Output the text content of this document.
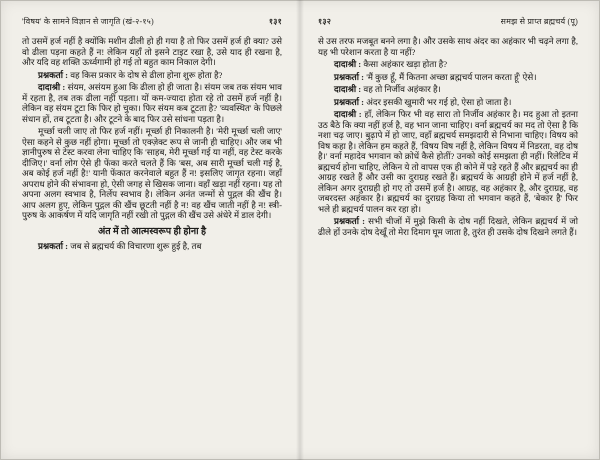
'विषय' के सामने विज्ञान से जागृति (खं-२-१५)	१३१

तो उसमें हर्ज नहीं है क्योंकि मशीन ढीली हो ही गया है तो फिर उसमें हर्ज ही क्या? उसे वो ढीला पड़ना कहते हैं न! लेकिन यहाँ तो इसने टाइट रखा है, उसे याद ही रखना है, और यदि वह शक्ति ऊर्ध्वगामी हो गई तो बहुत काम निकाल देगी।

प्रश्नकर्ता : वह किस प्रकार के दोष से ढीला होना शुरू होता है?

दादाश्री : संयम, असंयम हुआ कि ढीला हो ही जाता है। संयम जब तक संयम भाव में रहता है, तब तक ढीला नहीं पड़ता। यों कम-ज्यादा होता रहे तो उसमें हर्ज नहीं है। लेकिन वह संयम टूटा कि फिर हो चुका। फिर संयम कब टूटता है? 'व्यवस्थित' के पिछले संधान हों, तब टूटता है। और टूटने के बाद फिर उसे सांधना पड़ता है।

मूर्च्छा चली जाए तो फिर हर्ज नहीं। मूर्च्छा ही निकालनी है। 'मेरी मूर्च्छा चली जाए' ऐसा कहने से कुछ नहीं होगा। मूर्च्छा तो एक्ज़ेक्ट रूप से जानी ही चाहिए। और जब भी ज्ञानीपुरुष से टेस्ट करवा लेना चाहिए कि 'साहब, मेरी मूर्च्छा गई या नहीं, वह टेस्ट करके दीजिए।' वर्ना लोग ऐसे ही फेंका करते चलते हैं कि 'बस, अब सारी मूर्च्छा चली गई है, अब कोई हर्ज नहीं है!' यानी फेंकात करनेवाले बहुत हैं न! इसलिए जागृत रहना। जहाँ अपराध होने की संभावना हो, ऐसी जगह से खिसक जाना। वहाँ खड़ा नहीं रहना। यह तो अपना अलग स्वभाव है, निर्लेप स्वभाव है। लेकिन अनंत जन्मों से पुद्गल की खैंच है। आप अलग हुए, लेकिन पुद्गल की खैंच छूटती नहीं है न! वह खैंच जाती नहीं है न! स्त्री-पुरुष के आकर्षण में यदि जागृति नहीं रखी तो पुद्गल की खैंच उसे अंधेरे में डाल देगी।

अंत में तो आत्मस्वरूप ही होना है

प्रश्नकर्ता : जब से ब्रह्मचर्य की विचारणा शुरू हुई है, तब

१३२	समझ से प्राप्त ब्रह्मचर्य (पू)

से उस तरफ मजबूत बनने लगा है। और उसके साथ अंदर का अहंकार भी चढ़ने लगा है, यह भी परेशान करता है या नहीं?

दादाश्री : कैसा अहंकार खड़ा होता है?

प्रश्नकर्ता : 'मैं कुछ हूँ, मैं कितना अच्छा ब्रह्मचर्य पालन करता हूँ' ऐसे।

दादाश्री : वह तो निर्जीव अहंकार है।

प्रश्नकर्ता : अंदर इसकी खुमारी भर गई हो, ऐसा हो जाता है।

दादाश्री : हाँ, लेकिन फिर भी वह सारा तो निर्जीव अहंकार है। मद हुआ तो इतना उठ बैठे कि क्या नहीं हर्ज है, वह भान जाना चाहिए। वर्ना ब्रह्मचर्य का मद तो ऐसा है कि नशा चढ़ जाए। बुढ़ापे में हो जाए, वहाँ ब्रह्मचर्य समझदारी से निभाना चाहिए। विषय को विष कहा है। लेकिन हम कहते हैं, 'विषय विष नहीं है, लेकिन विषय में निडरता, वह दोष है।' वर्ना महादेव भगवान को क्रोधें कैसे होतीं? उनको कोई समझता ही नहीं। रिलेटिव में ब्रह्मचर्य होना चाहिए, लेकिन ये तो वापस एक ही कोने में पड़े रहते हैं और ब्रह्मचर्य का ही आग्रह रखते हैं और उसी का दुराग्रह रखते हैं। ब्रह्मचर्य के आग्रही होने में हर्ज नहीं है, लेकिन अगर दुराग्रही हो गए तो उसमें हर्ज है। आग्रह, वह अहंकार है, और दुराग्रह, वह जबरदस्त अहंकार है। ब्रह्मचर्य का दुराग्रह किया तो भगवान कहते हैं, 'बेकार है' फिर भले ही ब्रह्मचर्य पालन कर रहा हो।

प्रश्नकर्ता : सभी चीजों में मुझे किसी के दोष नहीं दिखते, लेकिन ब्रह्मचर्य में जो ढीले हों उनके दोष देखूँ तो मेरा दिमाग घूम जाता है, तुरंत ही उसके दोष दिखने लगते हैं।
